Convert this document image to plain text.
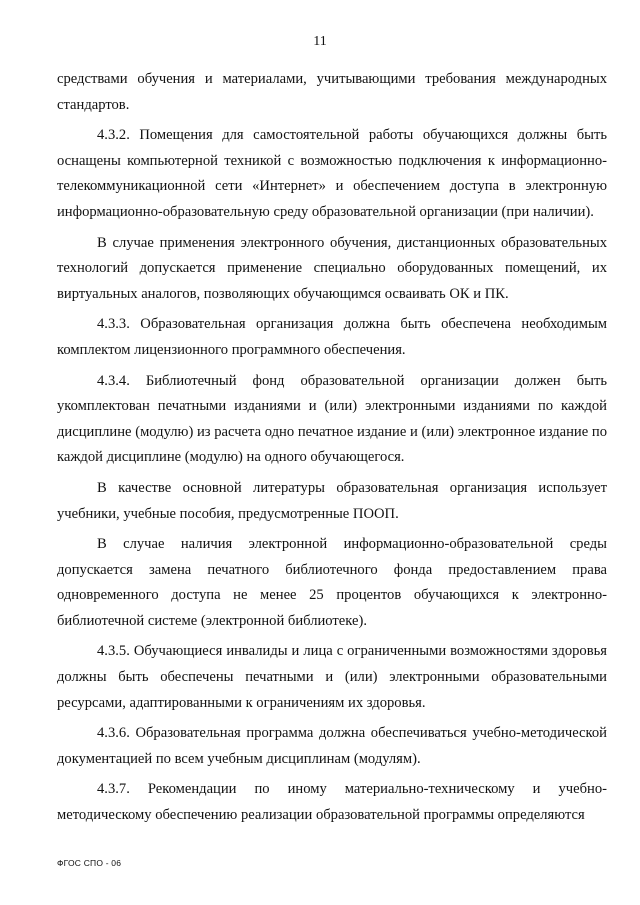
11

средствами обучения и материалами, учитывающими требования международных стандартов.

4.3.2. Помещения для самостоятельной работы обучающихся должны быть оснащены компьютерной техникой с возможностью подключения к информационно-телекоммуникационной сети «Интернет» и обеспечением доступа в электронную информационно-образовательную среду образовательной организации (при наличии).

В случае применения электронного обучения, дистанционных образовательных технологий допускается применение специально оборудованных помещений, их виртуальных аналогов, позволяющих обучающимся осваивать ОК и ПК.

4.3.3. Образовательная организация должна быть обеспечена необходимым комплектом лицензионного программного обеспечения.

4.3.4. Библиотечный фонд образовательной организации должен быть укомплектован печатными изданиями и (или) электронными изданиями по каждой дисциплине (модулю) из расчета одно печатное издание и (или) электронное издание по каждой дисциплине (модулю) на одного обучающегося.

В качестве основной литературы образовательная организация использует учебники, учебные пособия, предусмотренные ПООП.

В случае наличия электронной информационно-образовательной среды допускается замена печатного библиотечного фонда предоставлением права одновременного доступа не менее 25 процентов обучающихся к электронно-библиотечной системе (электронной библиотеке).

4.3.5. Обучающиеся инвалиды и лица с ограниченными возможностями здоровья должны быть обеспечены печатными и (или) электронными образовательными ресурсами, адаптированными к ограничениям их здоровья.

4.3.6. Образовательная программа должна обеспечиваться учебно-методической документацией по всем учебным дисциплинам (модулям).

4.3.7. Рекомендации по иному материально-техническому и учебно-методическому обеспечению реализации образовательной программы определяются

ФГОС СПО - 06
